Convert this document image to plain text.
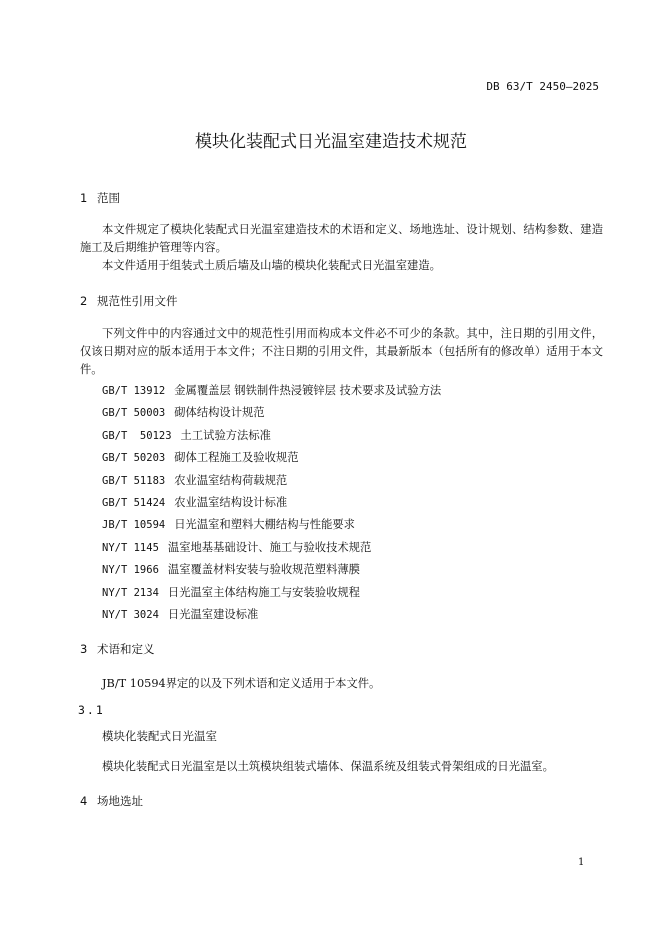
DB 63/T 2450—2025
模块化装配式日光温室建造技术规范
1 范围
本文件规定了模块化装配式日光温室建造技术的术语和定义、场地选址、设计规划、结构参数、建造施工及后期维护管理等内容。
本文件适用于组装式土质后墙及山墙的模块化装配式日光温室建造。
2 规范性引用文件
下列文件中的内容通过文中的规范性引用而构成本文件必不可少的条款。其中，注日期的引用文件，仅该日期对应的版本适用于本文件；不注日期的引用文件，其最新版本（包括所有的修改单）适用于本文件。
GB/T 13912 金属覆盖层 钢铁制件热浸镀锌层 技术要求及试验方法
GB/T 50003 砌体结构设计规范
GB/T  50123 土工试验方法标准
GB/T 50203 砌体工程施工及验收规范
GB/T 51183 农业温室结构荷载规范
GB/T 51424 农业温室结构设计标准
JB/T 10594 日光温室和塑料大棚结构与性能要求
NY/T 1145 温室地基基础设计、施工与验收技术规范
NY/T 1966 温室覆盖材料安装与验收规范塑料薄膜
NY/T 2134 日光温室主体结构施工与安装验收规程
NY/T 3024 日光温室建设标准
3 术语和定义
JB/T 10594界定的以及下列术语和定义适用于本文件。
3.1
模块化装配式日光温室
模块化装配式日光温室是以土筑模块组装式墙体、保温系统及组装式骨架组成的日光温室。
4 场地选址
1
